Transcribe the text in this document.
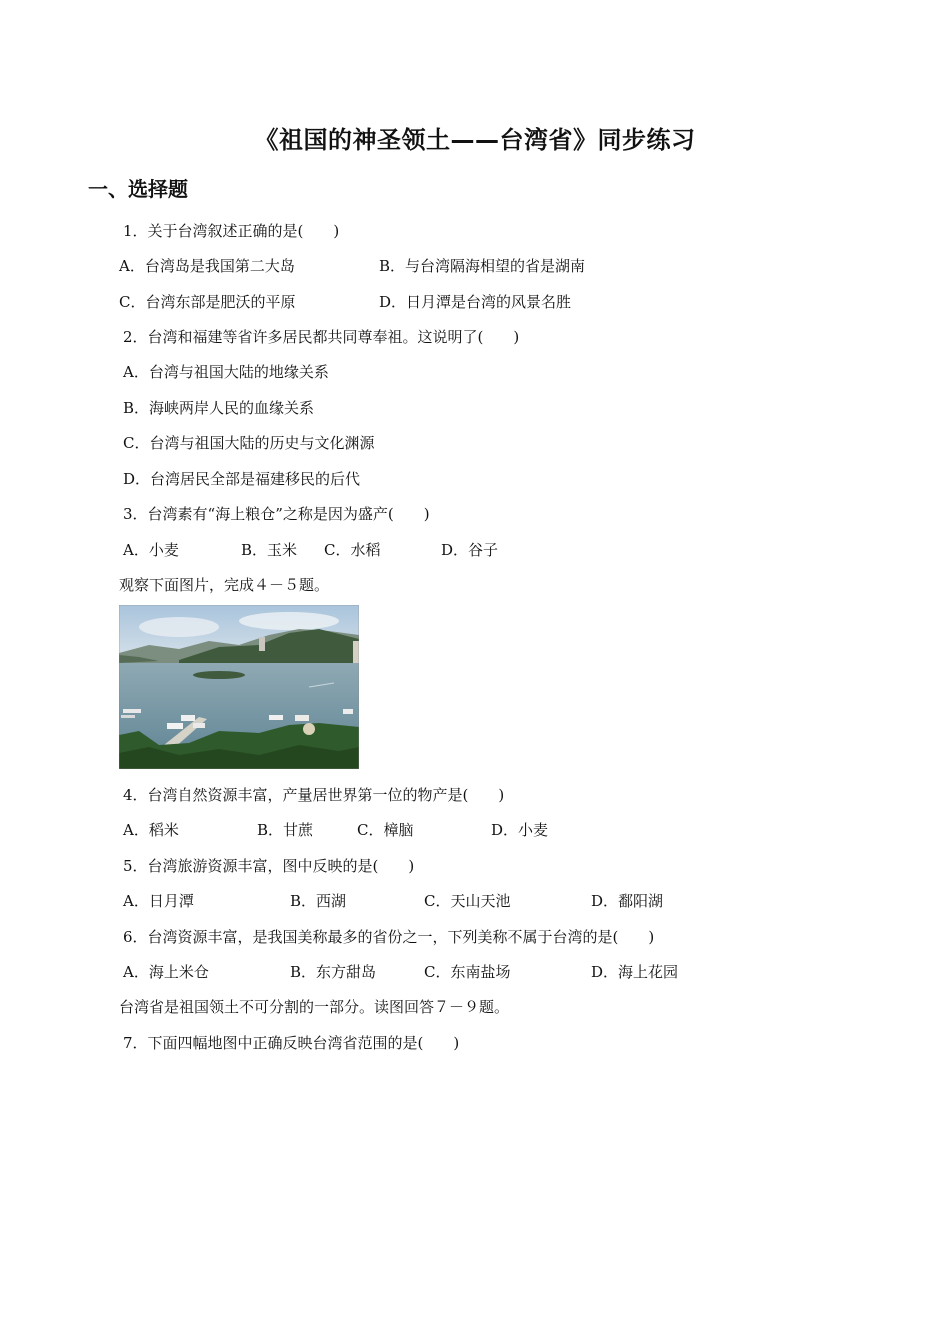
《祖国的神圣领土——台湾省》同步练习
一、选择题
1．关于台湾叙述正确的是(　　)
A．台湾岛是我国第二大岛	B．与台湾隔海相望的省是湖南
C．台湾东部是肥沃的平原	D．日月潭是台湾的风景名胜
2．台湾和福建等省许多居民都共同尊奉祖。这说明了(　　)
A．台湾与祖国大陆的地缘关系
B．海峡两岸人民的血缘关系
C．台湾与祖国大陆的历史与文化渊源
D．台湾居民全部是福建移民的后代
3．台湾素有“海上粮仓”之称是因为盛产(　　)
A．小麦	B．玉米 C．水稻	D．谷子
观察下面图片，完成４－５题。
4．台湾自然资源丰富，产量居世界第一位的物产是(　　)
A．稻米	B．甘蔗	C．樟脑	D．小麦
5．台湾旅游资源丰富，图中反映的是(　　)
A．日月潭	B．西湖	C．天山天池	D．鄱阳湖
6．台湾资源丰富，是我国美称最多的省份之一，下列美称不属于台湾的是(　　)
A．海上米仓	B．东方甜岛	C．东南盐场	D．海上花园
台湾省是祖国领土不可分割的一部分。读图回答７－９题。
7．下面四幅地图中正确反映台湾省范围的是(　　)
